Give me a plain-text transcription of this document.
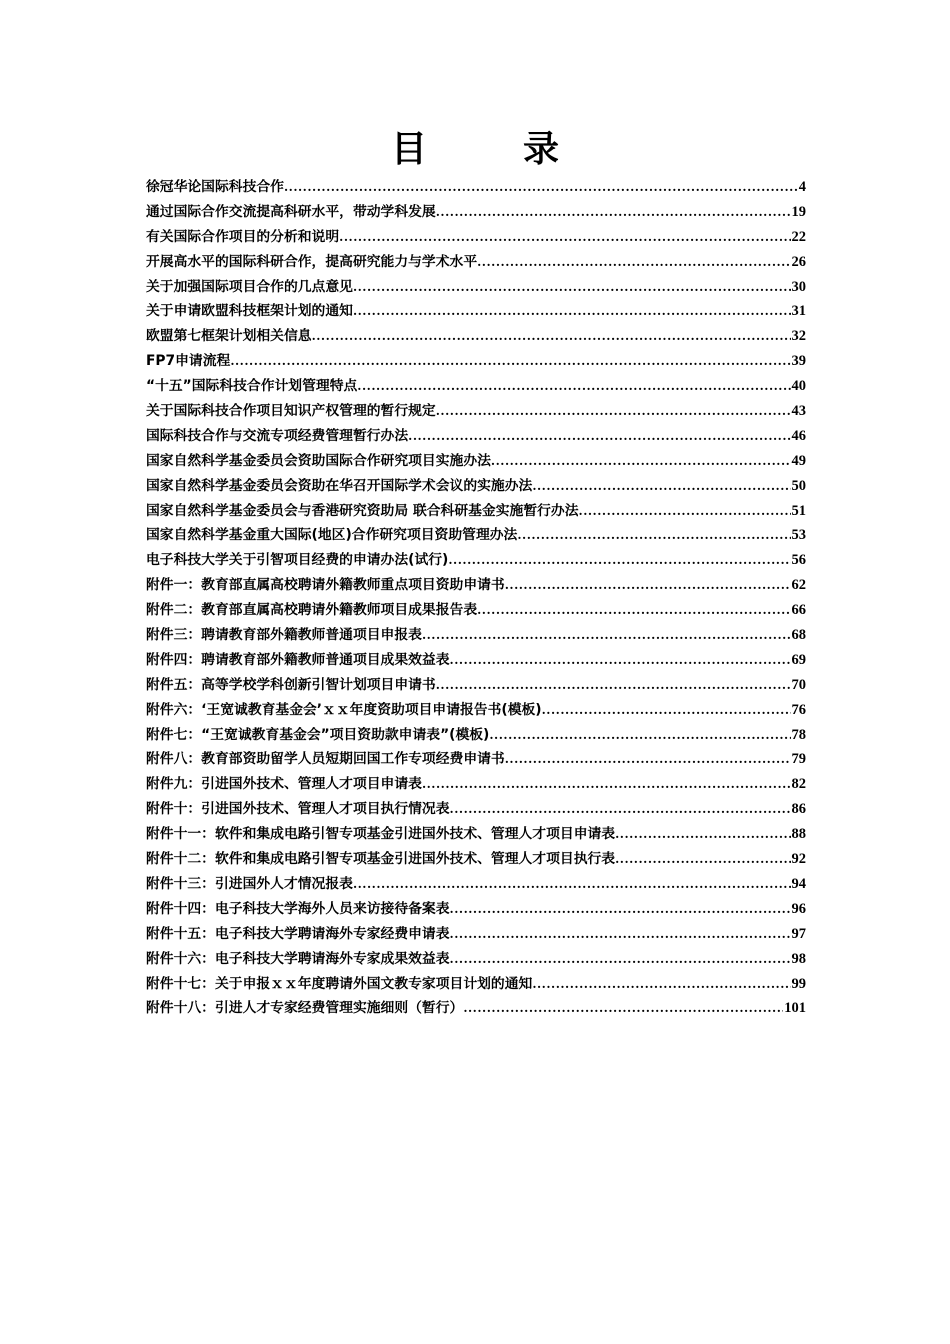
目	录
徐冠华论国际科技合作 .....	4
通过国际合作交流提高科研水平，带动学科发展 .....	19
有关国际合作项目的分析和说明 .....	22
开展高水平的国际科研合作，提高研究能力与学术水平 .....	26
关于加强国际项目合作的几点意见 .....	30
关于申请欧盟科技框架计划的通知 .....	31
欧盟第七框架计划相关信息 .....	32
FP7申请流程 .....	39
“十五”国际科技合作计划管理特点 .....	40
关于国际科技合作项目知识产权管理的暂行规定 .....	43
国际科技合作与交流专项经费管理暂行办法 .....	46
国家自然科学基金委员会资助国际合作研究项目实施办法 .....	49
国家自然科学基金委员会资助在华召开国际学术会议的实施办法 .....	50
国家自然科学基金委员会与香港研究资助局 联合科研基金实施暂行办法 .....	51
国家自然科学基金重大国际(地区)合作研究项目资助管理办法 .....	53
电子科技大学关于引智项目经费的申请办法(试行) .....	56
附件一：教育部直属高校聘请外籍教师重点项目资助申请书 .....	62
附件二：教育部直属高校聘请外籍教师项目成果报告表 .....	66
附件三：聘请教育部外籍教师普通项目申报表 .....	68
附件四：聘请教育部外籍教师普通项目成果效益表 .....	69
附件五：高等学校学科创新引智计划项目申请书 .....	70
附件六：‘王宽诚教育基金会’ｘｘ年度资助项目申请报告书(模板) .....	76
附件七：“王宽诚教育基金会”项目资助款申请表”(模板) .....	78
附件八：教育部资助留学人员短期回国工作专项经费申请书 .....	79
附件九：引进国外技术、管理人才项目申请表 .....	82
附件十：引进国外技术、管理人才项目执行情况表 .....	86
附件十一：软件和集成电路引智专项基金引进国外技术、管理人才项目申请表 .....	88
附件十二：软件和集成电路引智专项基金引进国外技术、管理人才项目执行表 .....	92
附件十三：引进国外人才情况报表 .....	94
附件十四：电子科技大学海外人员来访接待备案表 .....	96
附件十五：电子科技大学聘请海外专家经费申请表 .....	97
附件十六：电子科技大学聘请海外专家成果效益表 .....	98
附件十七：关于申报ｘｘ年度聘请外国文教专家项目计划的通知 .....	99
附件十八：引进人才专家经费管理实施细则（暂行） .....	101
